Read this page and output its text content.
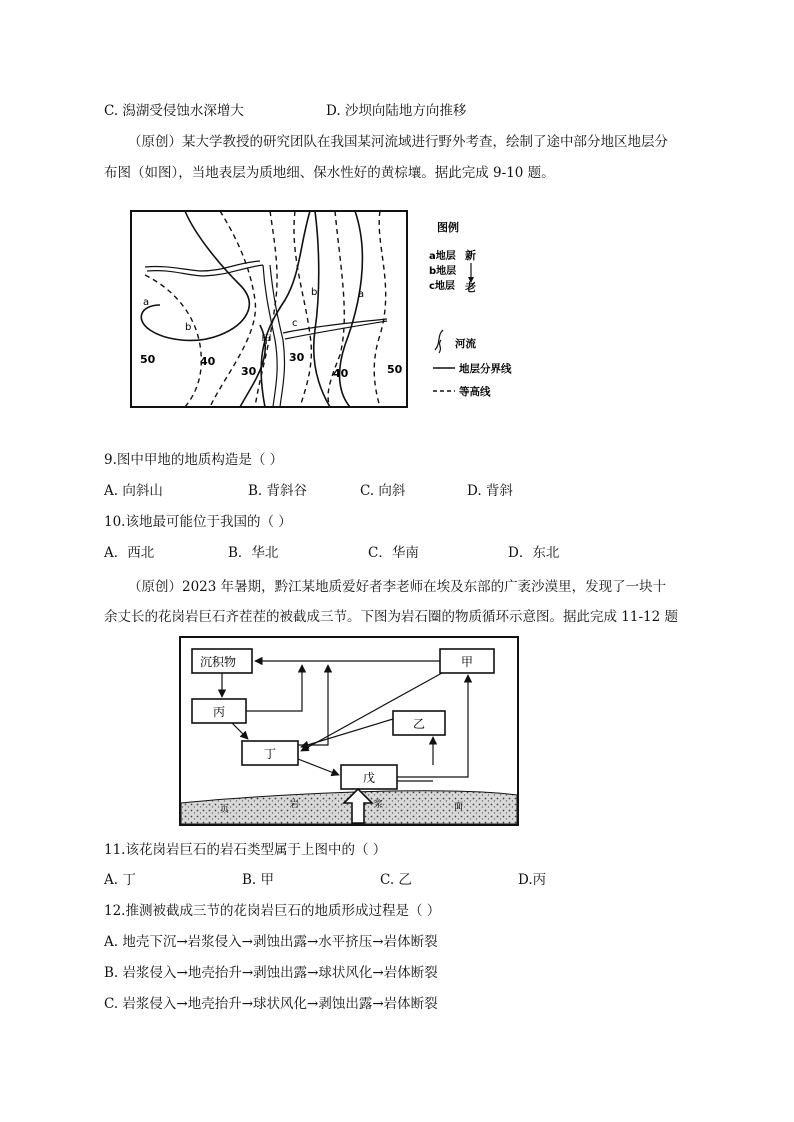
C. 潟湖受侵蚀水深增大	D. 沙坝向陆地方向推移
（原创）某大学教授的研究团队在我国某河流域进行野外考查，绘制了途中部分地区地层分
布图（如图），当地表层为质地细、保水性好的黄棕壤。据此完成 9-10 题。
a
b
b	a
c
甲
50	40
30
30
40	50
图例
a地层
b地层
c地层
新
老
河流
地层分界线
等高线
9.图中甲地的地质构造是（ ）
A. 向斜山	B. 背斜谷	C. 向斜	D. 背斜
10.该地最可能位于我国的（ ）
A．西北	B．华北	C．华南	D．东北
（原创）2023 年暑期，黔江某地质爱好者李老师在埃及东部的广袤沙漠里，发现了一块十
余丈长的花岗岩巨石齐茬茬的被截成三节。下图为岩石圈的物质循环示意图。据此完成 11-12 题
页	岩	浆	面
沉积物	甲
丙
乙
丁
戊
11.该花岗岩巨石的岩石类型属于上图中的（ ）
A. 丁	B. 甲	C. 乙	D.丙
12.推测被截成三节的花岗岩巨石的地质形成过程是（ ）
A. 地壳下沉→岩浆侵入→剥蚀出露→水平挤压→岩体断裂
B. 岩浆侵入→地壳抬升→剥蚀出露→球状风化→岩体断裂
C. 岩浆侵入→地壳抬升→球状风化→剥蚀出露→岩体断裂
